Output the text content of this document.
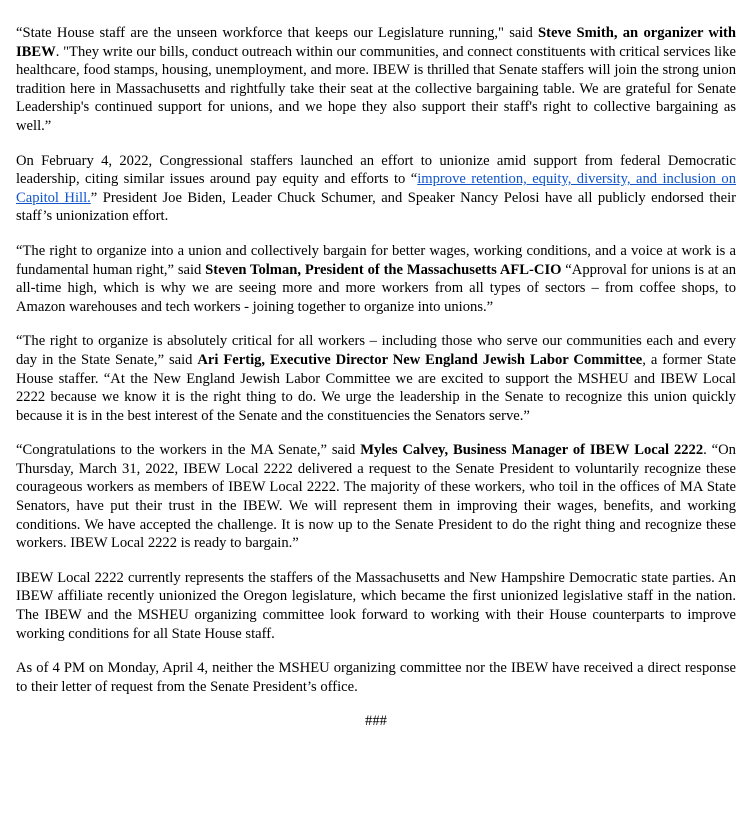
“State House staff are the unseen workforce that keeps our Legislature running," said Steve Smith, an organizer with IBEW. "They write our bills, conduct outreach within our communities, and connect constituents with critical services like healthcare, food stamps, housing, unemployment, and more. IBEW is thrilled that Senate staffers will join the strong union tradition here in Massachusetts and rightfully take their seat at the collective bargaining table. We are grateful for Senate Leadership's continued support for unions, and we hope they also support their staff's right to collective bargaining as well.”

On February 4, 2022, Congressional staffers launched an effort to unionize amid support from federal Democratic leadership, citing similar issues around pay equity and efforts to “improve retention, equity, diversity, and inclusion on Capitol Hill.” President Joe Biden, Leader Chuck Schumer, and Speaker Nancy Pelosi have all publicly endorsed their staff’s unionization effort.

“The right to organize into a union and collectively bargain for better wages, working conditions, and a voice at work is a fundamental human right,” said Steven Tolman, President of the Massachusetts AFL-CIO “Approval for unions is at an all-time high, which is why we are seeing more and more workers from all types of sectors – from coffee shops, to Amazon warehouses and tech workers - joining together to organize into unions.”

“The right to organize is absolutely critical for all workers – including those who serve our communities each and every day in the State Senate,” said Ari Fertig, Executive Director New England Jewish Labor Committee, a former State House staffer. “At the New England Jewish Labor Committee we are excited to support the MSHEU and IBEW Local 2222 because we know it is the right thing to do. We urge the leadership in the Senate to recognize this union quickly because it is in the best interest of the Senate and the constituencies the Senators serve.”

“Congratulations to the workers in the MA Senate,” said Myles Calvey, Business Manager of IBEW Local 2222. “On Thursday, March 31, 2022, IBEW Local 2222 delivered a request to the Senate President to voluntarily recognize these courageous workers as members of IBEW Local 2222. The majority of these workers, who toil in the offices of MA State Senators, have put their trust in the IBEW. We will represent them in improving their wages, benefits, and working conditions. We have accepted the challenge. It is now up to the Senate President to do the right thing and recognize these workers. IBEW Local 2222 is ready to bargain.”

IBEW Local 2222 currently represents the staffers of the Massachusetts and New Hampshire Democratic state parties. An IBEW affiliate recently unionized the Oregon legislature, which became the first unionized legislative staff in the nation. The IBEW and the MSHEU organizing committee look forward to working with their House counterparts to improve working conditions for all State House staff.

As of 4 PM on Monday, April 4, neither the MSHEU organizing committee nor the IBEW have received a direct response to their letter of request from the Senate President’s office.

###
